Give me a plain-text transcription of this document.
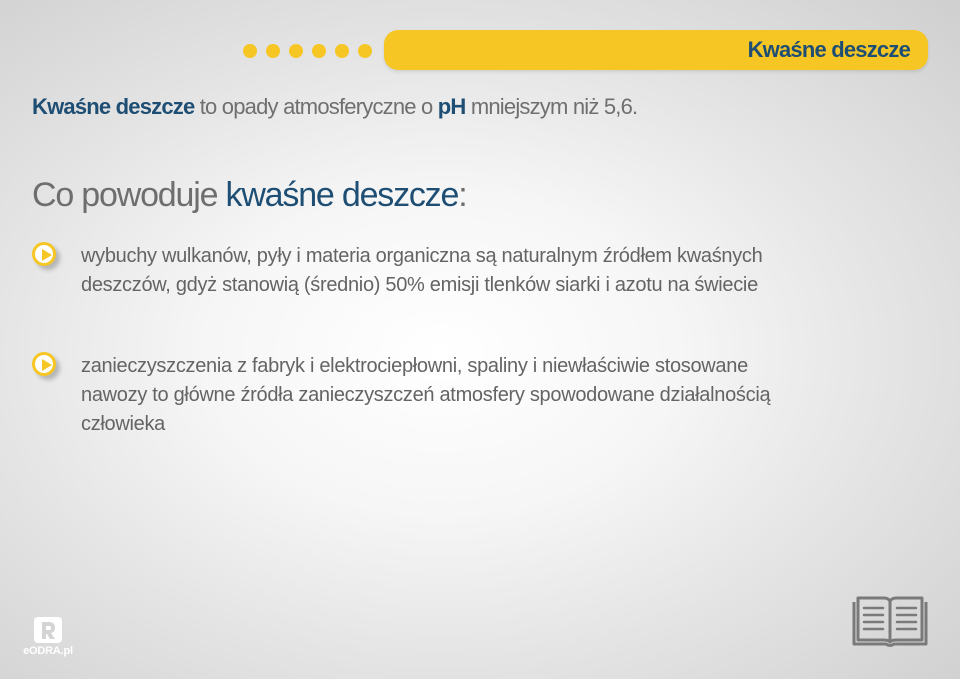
Kwaśne deszcze
Kwaśne deszcze to opady atmosferyczne o pH mniejszym niż 5,6.
Co powoduje kwaśne deszcze:
wybuchy wulkanów, pyły i materia organiczna są naturalnym źródłem kwaśnych deszczów, gdyż stanowią (średnio) 50% emisji tlenków siarki i azotu na świecie
zanieczyszczenia z fabryk i elektrociepłowni, spaliny i niewłaściwie stosowane nawozy to główne źródła zanieczyszczeń atmosfery spowodowane działalnością człowieka
eODRA.pl
